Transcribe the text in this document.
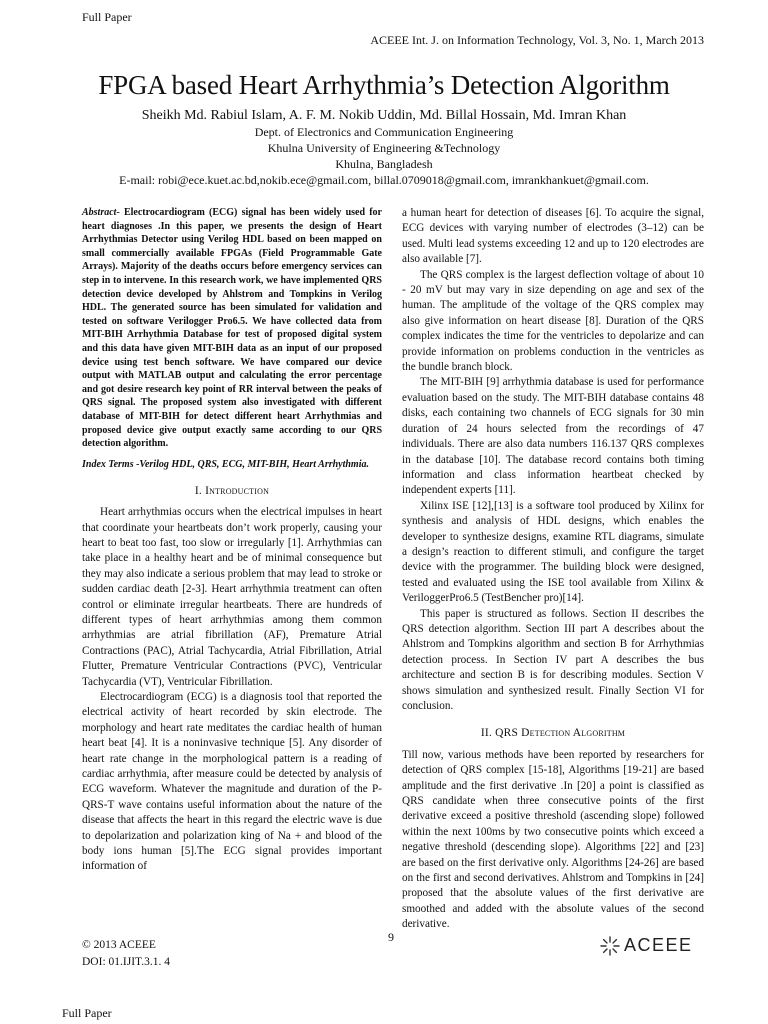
Full Paper
ACEEE Int. J. on Information Technology, Vol. 3, No. 1, March 2013
FPGA based Heart Arrhythmia’s Detection Algorithm
Sheikh Md. Rabiul Islam, A. F. M. Nokib Uddin, Md. Billal Hossain, Md. Imran Khan
Dept. of Electronics and Communication Engineering
Khulna University of Engineering &Technology
Khulna, Bangladesh
E-mail: robi@ece.kuet.ac.bd,nokib.ece@gmail.com, billal.0709018@gmail.com, imrankhankuet@gmail.com.

Abstract- Electrocardiogram (ECG) signal has been widely used for heart diagnoses .In this paper, we presents the design of Heart Arrhythmias Detector using Verilog HDL based on been mapped on small commercially available FPGAs (Field Programmable Gate Arrays). Majority of the deaths occurs before emergency services can step in to intervene. In this research work, we have implemented QRS detection device developed by Ahlstrom and Tompkins in Verilog HDL. The generated source has been simulated for validation and tested on software Verilogger Pro6.5. We have collected data from MIT-BIH Arrhythmia Database for test of proposed digital system and this data have given MIT-BIH data as an input of our proposed device using test bench software. We have compared our device output with MATLAB output and calculating the error percentage and got desire research key point of RR interval between the peaks of QRS signal. The proposed system also investigated with different database of MIT-BIH for detect different heart Arrhythmias and proposed device give output exactly same according to our QRS detection algorithm.

Index Terms -Verilog HDL, QRS, ECG, MIT-BIH, Heart Arrhythmia.

I. Introduction

Heart arrhythmias occurs when the electrical impulses in heart that coordinate your heartbeats don’t work properly, causing your heart to beat too fast, too slow or irregularly [1]. Arrhythmias can take place in a healthy heart and be of minimal consequence but they may also indicate a serious problem that may lead to stroke or sudden cardiac death [2-3]. Heart arrhythmia treatment can often control or eliminate irregular heartbeats. There are hundreds of different types of heart arrhythmias among them common arrhythmias are atrial fibrillation (AF), Premature Atrial Contractions (PAC), Atrial Tachycardia, Atrial Fibrillation, Atrial Flutter, Premature Ventricular Contractions (PVC), Ventricular Tachycardia (VT), Ventricular Fibrillation.

Electrocardiogram (ECG) is a diagnosis tool that reported the electrical activity of heart recorded by skin electrode. The morphology and heart rate meditates the cardiac health of human heart beat [4]. It is a noninvasive technique [5]. Any disorder of heart rate change in the morphological pattern is a reading of cardiac arrhythmia, after measure could be detected by analysis of ECG waveform. Whatever the magnitude and duration of the P-QRS-T wave contains useful information about the nature of the disease that affects the heart in this regard the electric wave is due to depolarization and polarization king of Na + and blood of the body ions human [5].The ECG signal provides important information of

a human heart for detection of diseases [6]. To acquire the signal, ECG devices with varying number of electrodes (3–12) can be used. Multi lead systems exceeding 12 and up to 120 electrodes are also available [7].

The QRS complex is the largest deflection voltage of about 10 - 20 mV but may vary in size depending on age and sex of the human. The amplitude of the voltage of the QRS complex may also give information on heart disease [8]. Duration of the QRS complex indicates the time for the ventricles to depolarize and can provide information on problems conduction in the ventricles as the bundle branch block.

The MIT-BIH [9] arrhythmia database is used for performance evaluation based on the study. The MIT-BIH database contains 48 disks, each containing two channels of ECG signals for 30 min duration of 24 hours selected from the recordings of 47 individuals. There are also data numbers 116.137 QRS complexes in the database [10]. The database record contains both timing information and class information heartbeat checked by independent experts [11].

Xilinx ISE [12],[13] is a software tool produced by Xilinx for synthesis and analysis of HDL designs, which enables the developer to synthesize designs, examine RTL diagrams, simulate a design’s reaction to different stimuli, and configure the target device with the programmer. The building block were designed, tested and evaluated using the ISE tool available from Xilinx & VeriloggerPro6.5 (TestBencher pro)[14].

This paper is structured as follows. Section II describes the QRS detection algorithm. Section III part A describes about the Ahlstrom and Tompkins algorithm and section B for Arrhythmias detection process. In Section IV part A describes the bus architecture and section B is for describing modules. Section V shows simulation and synthesized result. Finally Section VI for conclusion.

II. QRS Detection Algorithm

Till now, various methods have been reported by researchers for detection of QRS complex [15-18], Algorithms [19-21] are based amplitude and the first derivative .In [20] a point is classified as QRS candidate when three consecutive points of the first derivative exceed a positive threshold (ascending slope) followed within the next 100ms by two consecutive points which exceed a negative threshold (descending slope). Algorithms [22] and [23] are based on the first derivative only. Algorithms [24-26] are based on the first and second derivatives. Ahlstrom and Tompkins in [24] proposed that the absolute values of the first derivative are smoothed and added with the absolute values of the second derivative.

9
© 2013 ACEEE
DOI: 01.IJIT.3.1. 4
ACEEE
Full Paper
